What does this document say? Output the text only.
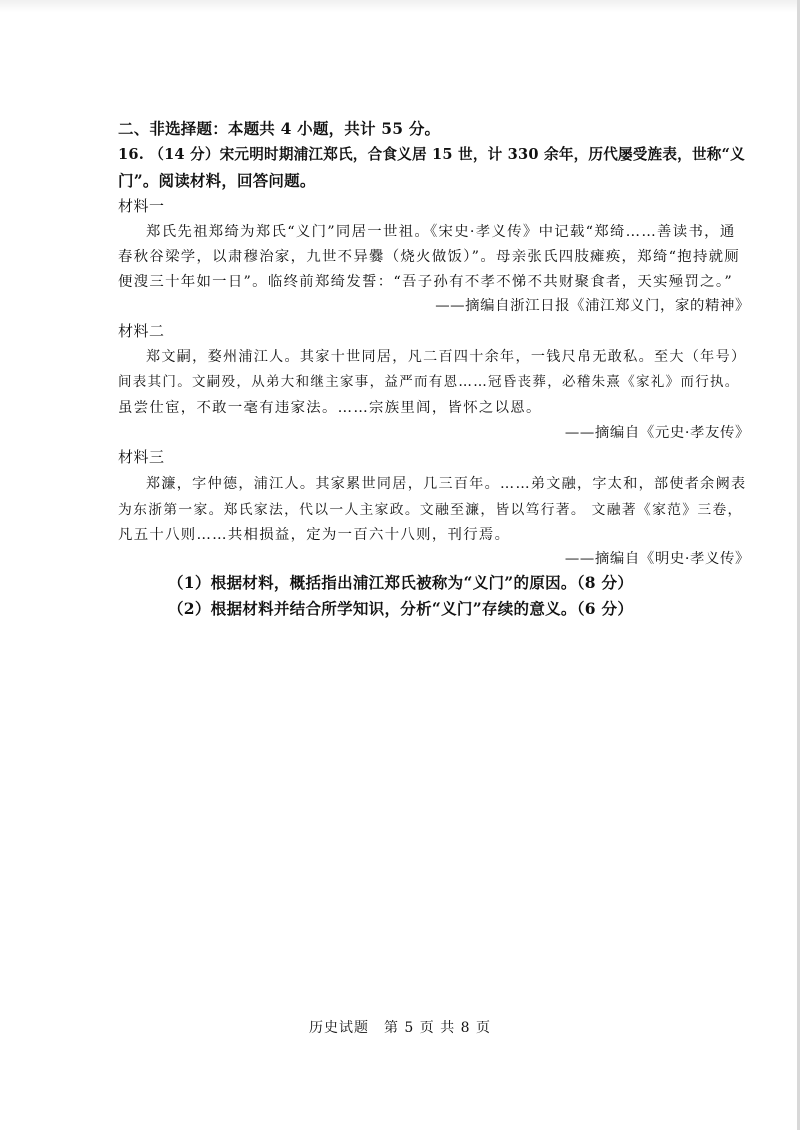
二、非选择题：本题共 4 小题，共计 55 分。
16. （14 分）宋元明时期浦江郑氏，合食义居 15 世，计 330 余年，历代屡受旌表，世称“义
门”。阅读材料，回答问题。
材料一
郑氏先祖郑绮为郑氏“义门”同居一世祖。《宋史·孝义传》中记载“郑绮……善读书，通
春秋谷梁学，以肃穆治家，九世不异爨（烧火做饭）”。母亲张氏四肢瘫痪，郑绮“抱持就厕
便溲三十年如一日”。临终前郑绮发誓：“吾子孙有不孝不悌不共财聚食者，天实殛罚之。”
——摘编自浙江日报《浦江郑义门，家的精神》
材料二
郑文嗣，婺州浦江人。其家十世同居，凡二百四十余年，一钱尺帛无敢私。至大（年号）
间表其门。文嗣殁，从弟大和继主家事，益严而有恩……冠昏丧葬，必稽朱熹《家礼》而行执。
虽尝仕宦，不敢一毫有违家法。……宗族里闾，皆怀之以恩。
——摘编自《元史·孝友传》
材料三
郑濂，字仲德，浦江人。其家累世同居，几三百年。……弟文融，字太和，部使者余阙表
为东浙第一家。郑氏家法，代以一人主家政。文融至濂，皆以笃行著。 文融著《家范》三卷，
凡五十八则……共相损益，定为一百六十八则，刊行焉。
——摘编自《明史·孝义传》
（1）根据材料，概括指出浦江郑氏被称为“义门”的原因。（8 分）
（2）根据材料并结合所学知识，分析“义门”存续的意义。（6 分）
历史试题　第 5 页 共 8 页
